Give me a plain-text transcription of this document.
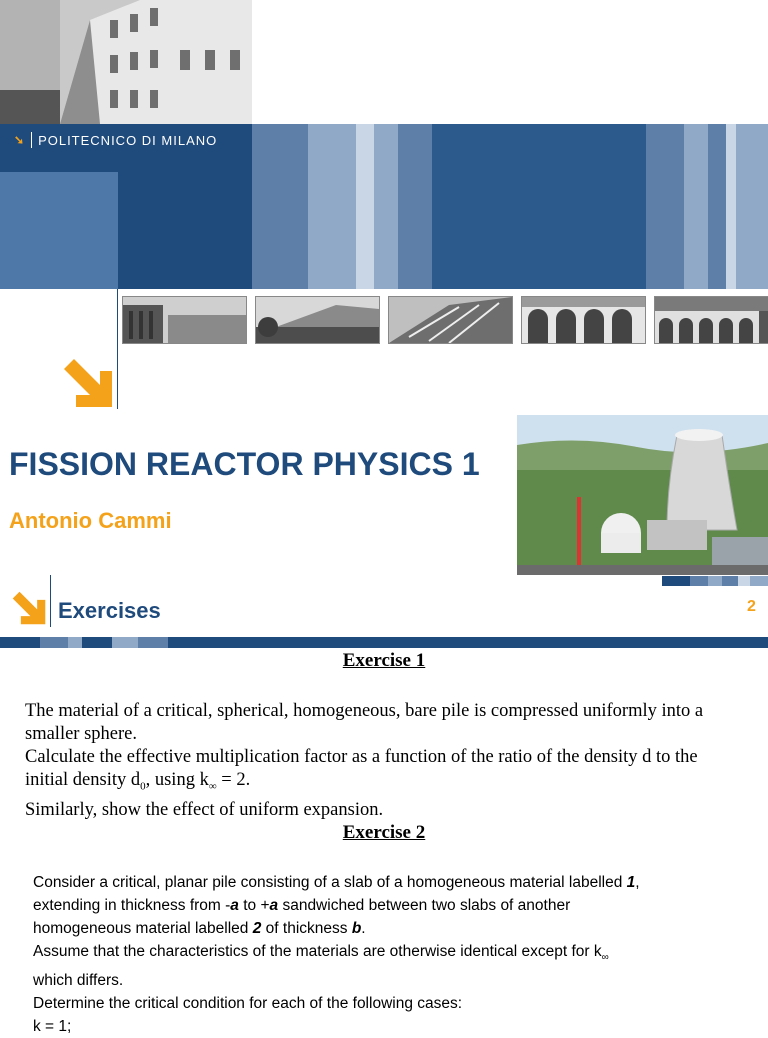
➘ POLITECNICO DI MILANO
FISSION REACTOR PHYSICS 1

Antonio Cammi

Exercises	2

Exercise 1

The material of a critical, spherical, homogeneous, bare pile is compressed uniformly into a

smaller sphere.

Calculate the effective multiplication factor as a function of the ratio of the density d to the

initial density $d_0$, using $k_\infty = 2$.

Similarly, show the effect of uniform expansion.

Exercise 2

Consider a critical, planar pile consisting of a slab of a homogeneous material labelled 1,

extending in thickness from -a to +a sandwiched between two slabs of another

homogeneous material labelled 2 of thickness b.

Assume that the characteristics of the materials are otherwise identical except for $k_\infty$

which differs.

Determine the critical condition for each of the following cases:

k = 1;
